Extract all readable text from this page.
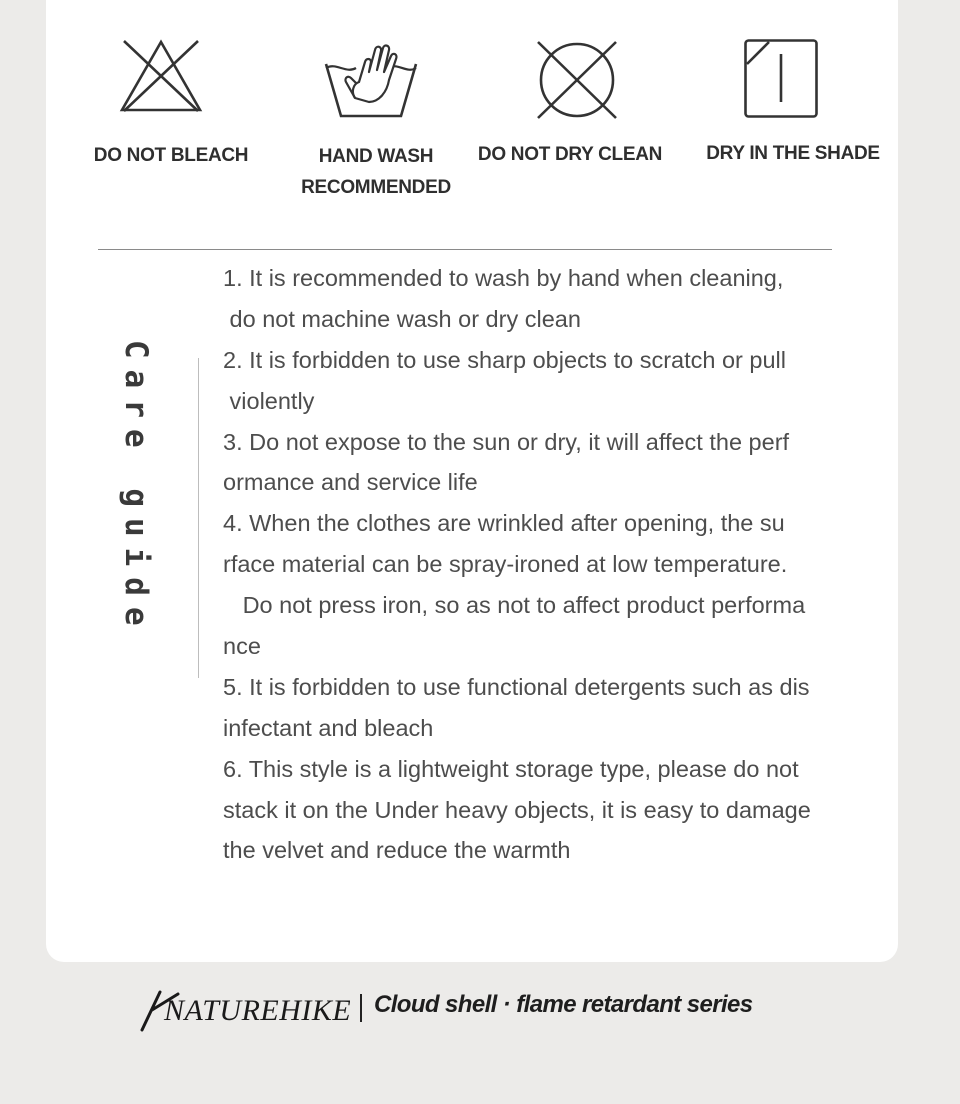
DO NOT BLEACH	HAND WASH
RECOMMENDED
DO NOT DRY CLEAN	DRY IN THE SHADE
Care guide
1. It is recommended to wash by hand when cleaning,
do not machine wash or dry clean
2. It is forbidden to use sharp objects to scratch or pull
violently
3. Do not expose to the sun or dry, it will affect the perf
ormance and service life
4. When the clothes are wrinkled after opening, the su
rface material can be spray-ironed at low temperature.
Do not press iron, so as not to affect product performa
nce
5. It is forbidden to use functional detergents such as dis
infectant and bleach
6. This style is a lightweight storage type, please do not
stack it on the Under heavy objects, it is easy to damage
the velvet and reduce the warmth
NATUREHIKE Cloud shell · flame retardant series
